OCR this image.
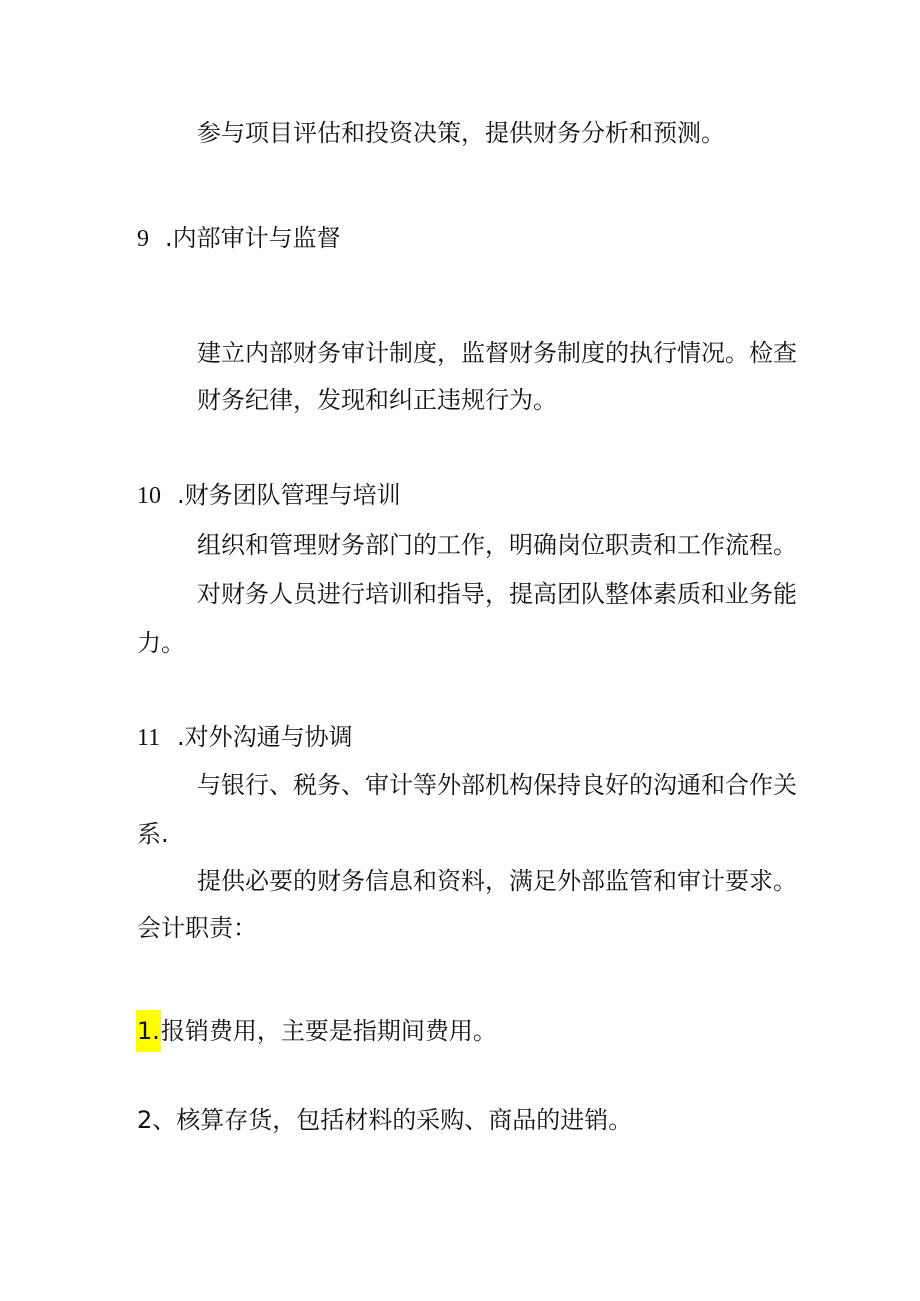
参与项目评估和投资决策，提供财务分析和预测。
9 .内部审计与监督
建立内部财务审计制度，监督财务制度的执行情况。检查
财务纪律，发现和纠正违规行为。
10 .财务团队管理与培训
组织和管理财务部门的工作，明确岗位职责和工作流程。
对财务人员进行培训和指导，提高团队整体素质和业务能
力。
11 .对外沟通与协调
与银行、税务、审计等外部机构保持良好的沟通和合作关
系.
提供必要的财务信息和资料，满足外部监管和审计要求。
会计职责：
1.报销费用，主要是指期间费用。
2、核算存货，包括材料的采购、商品的进销。
